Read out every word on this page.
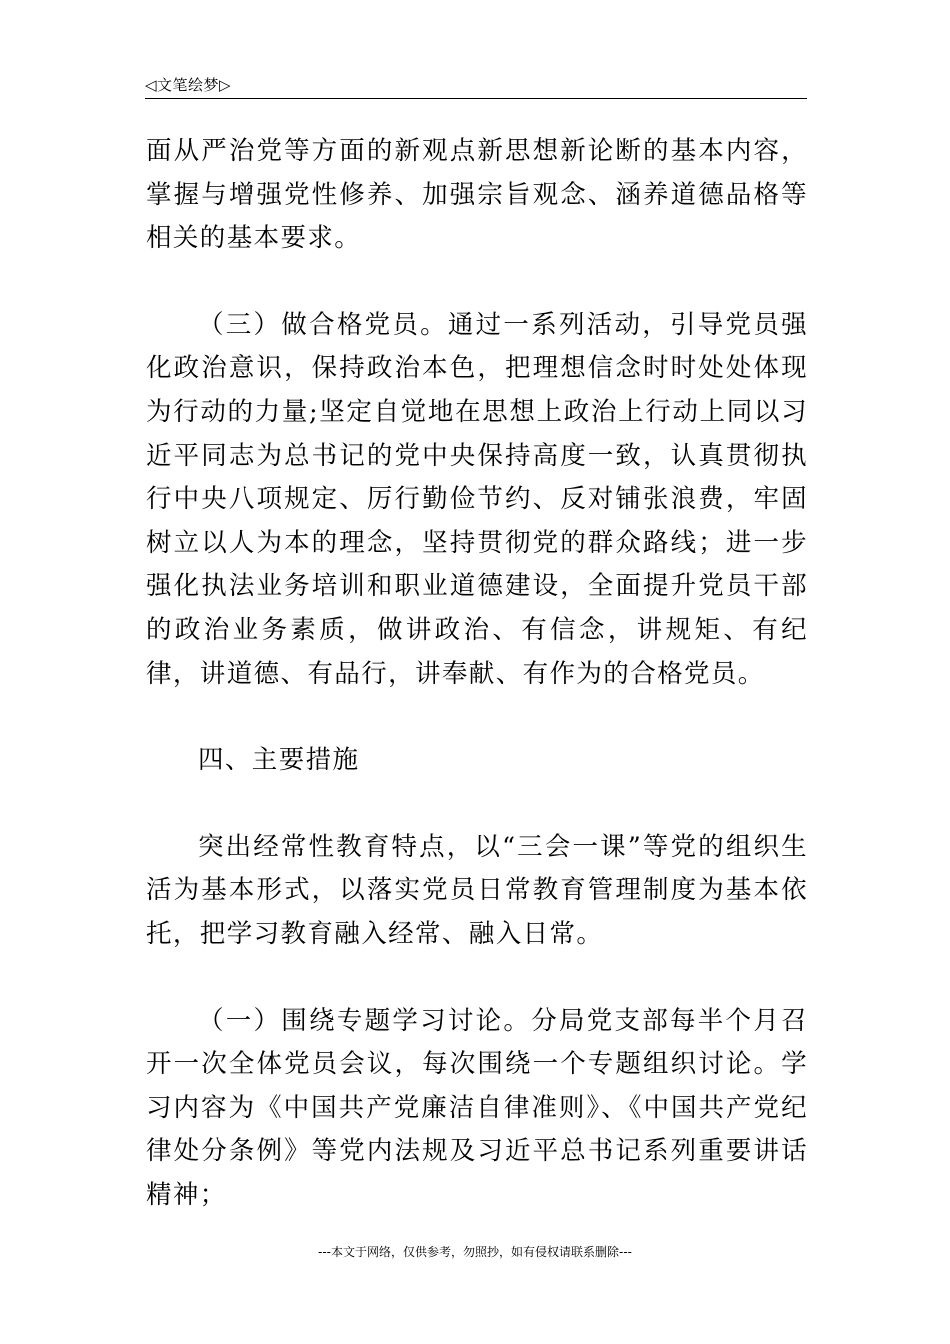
◁文笔绘梦▷

面从严治党等方面的新观点新思想新论断的基本内容，掌握与增强党性修养、加强宗旨观念、涵养道德品格等相关的基本要求。

（三）做合格党员。通过一系列活动，引导党员强化政治意识，保持政治本色，把理想信念时时处处体现为行动的力量;坚定自觉地在思想上政治上行动上同以习近平同志为总书记的党中央保持高度一致，认真贯彻执行中央八项规定、厉行勤俭节约、反对铺张浪费，牢固树立以人为本的理念，坚持贯彻党的群众路线；进一步强化执法业务培训和职业道德建设，全面提升党员干部的政治业务素质，做讲政治、有信念，讲规矩、有纪律，讲道德、有品行，讲奉献、有作为的合格党员。

四、主要措施

突出经常性教育特点，以“三会一课”等党的组织生活为基本形式，以落实党员日常教育管理制度为基本依托，把学习教育融入经常、融入日常。

（一）围绕专题学习讨论。分局党支部每半个月召开一次全体党员会议，每次围绕一个专题组织讨论。学习内容为《中国共产党廉洁自律准则》、《中国共产党纪律处分条例》等党内法规及习近平总书记系列重要讲话精神；

---本文于网络，仅供参考，勿照抄，如有侵权请联系删除---
